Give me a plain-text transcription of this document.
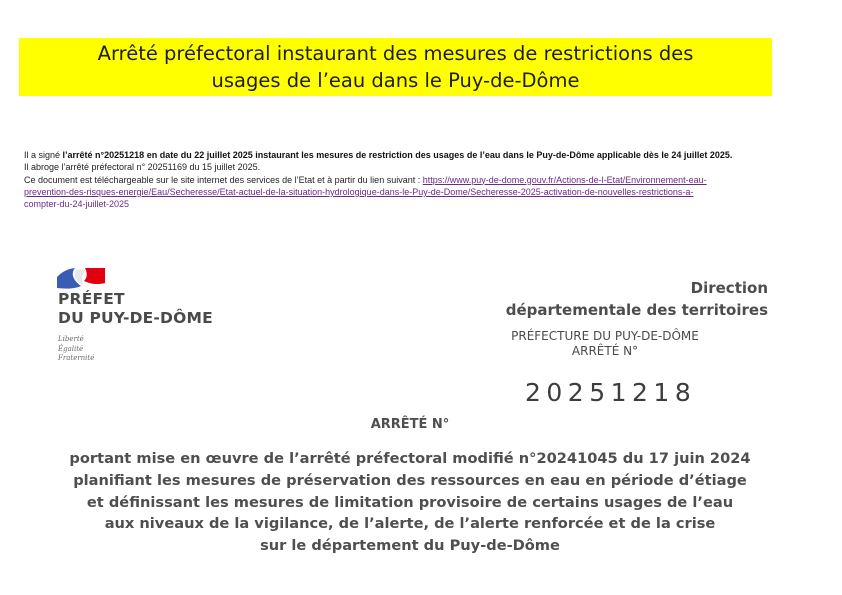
Arrêté préfectoral instaurant des mesures de restrictions des
usages de l’eau dans le Puy-de-Dôme
Il a signé l’arrêté n°20251218 en date du 22 juillet 2025 instaurant les mesures de restriction des usages de l’eau dans le Puy-de-Dôme applicable dès le 24 juillet 2025.
Il abroge l’arrêté préfectoral n° 20251169 du 15 juillet 2025.
Ce document est téléchargeable sur le site internet des services de l’Etat et à partir du lien suivant : https://www.puy-de-dome.gouv.fr/Actions-de-l-Etat/Environnement-eau-
prevention-des-risques-energie/Eau/Secheresse/Etat-actuel-de-la-situation-hydrologique-dans-le-Puy-de-Dome/Secheresse-2025-activation-de-nouvelles-restrictions-a-
compter-du-24-juillet-2025
PRÉFET
DU PUY-DE-DÔME
Liberté
Égalité
Fraternité
Direction
départementale des territoires
PRÉFECTURE DU PUY-DE-DÔME
ARRÊTÉ N°
20251218
ARRÊTÉ N°
portant mise en œuvre de l’arrêté préfectoral modifié n°20241045 du 17 juin 2024
planifiant les mesures de préservation des ressources en eau en période d’étiage
et définissant les mesures de limitation provisoire de certains usages de l’eau
aux niveaux de la vigilance, de l’alerte, de l’alerte renforcée et de la crise
sur le département du Puy-de-Dôme
